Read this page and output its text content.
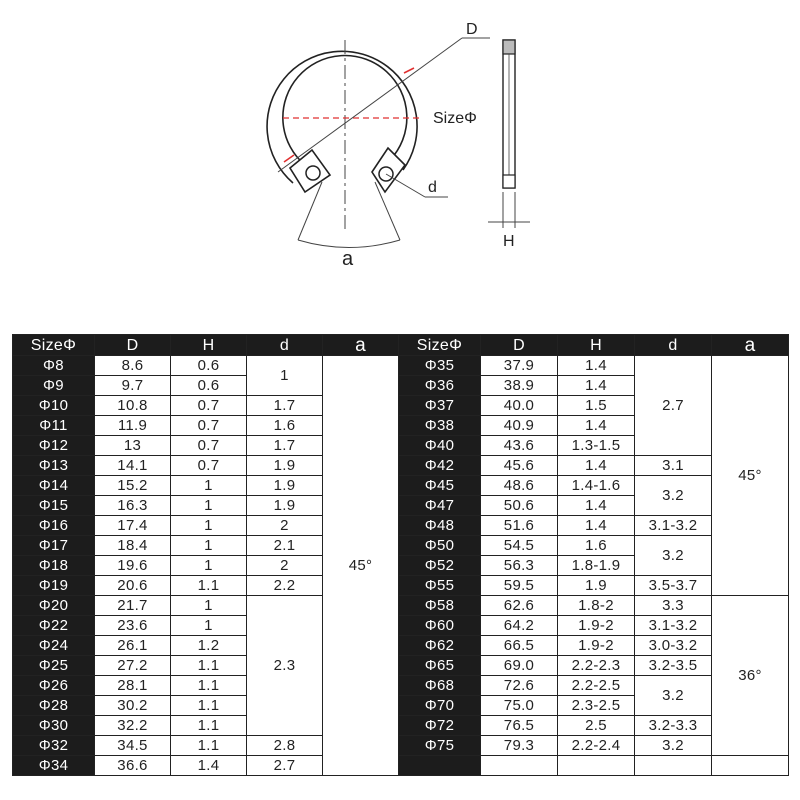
D
SizeΦ
d
a
H
SizeΦ	D	H	d	a
Φ8	8.6	0.6	1	45°
Φ9	9.7	0.6		
Φ10	10.8	0.7	1.7	
Φ11	11.9	0.7	1.6	
Φ12	13	0.7	1.7	
Φ13	14.1	0.7	1.9	
Φ14	15.2	1	1.9	
Φ15	16.3	1	1.9	
Φ16	17.4	1	2	
Φ17	18.4	1	2.1	
Φ18	19.6	1	2	
Φ19	20.6	1.1	2.2	
Φ20	21.7	1	2.3	
Φ22	23.6	1		
Φ24	26.1	1.2		
Φ25	27.2	1.1		
Φ26	28.1	1.1		
Φ28	30.2	1.1		
Φ30	32.2	1.1		
Φ32	34.5	1.1	2.8	
Φ34	36.6	1.4	2.7	
SizeΦ	D	H	d	a
Φ35	37.9	1.4	2.7	45°
Φ36	38.9	1.4		
Φ37	40.0	1.5		
Φ38	40.9	1.4		
Φ40	43.6	1.3-1.5		
Φ42	45.6	1.4	3.1	
Φ45	48.6	1.4-1.6	3.2	
Φ47	50.6	1.4		
Φ48	51.6	1.4	3.1-3.2	
Φ50	54.5	1.6	3.2	
Φ52	56.3	1.8-1.9		
Φ55	59.5	1.9	3.5-3.7	
Φ58	62.6	1.8-2	3.3	36°
Φ60	64.2	1.9-2	3.1-3.2	
Φ62	66.5	1.9-2	3.0-3.2	
Φ65	69.0	2.2-2.3	3.2-3.5	
Φ68	72.6	2.2-2.5	3.2	
Φ70	75.0	2.3-2.5		
Φ72	76.5	2.5	3.2-3.3	
Φ75	79.3	2.2-2.4	3.2	
